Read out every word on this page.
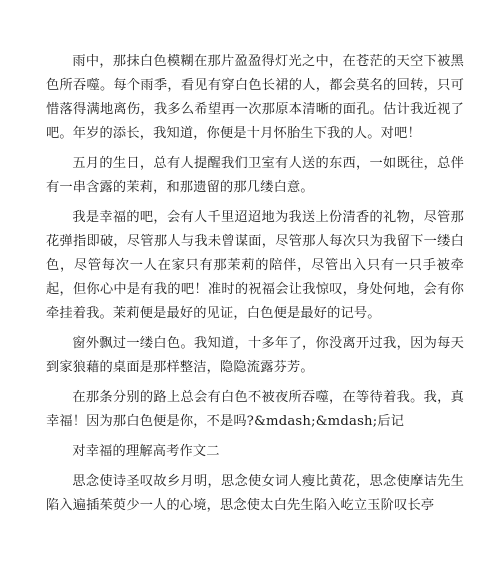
雨中，那抹白色模糊在那片盈盈得灯光之中，在苍茫的天空下被黑色所吞噬。每个雨季，看见有穿白色长裙的人，都会莫名的回转，只可惜落得满地离伤，我多么希望再一次那原本清晰的面孔。估计我近视了吧。年岁的添长，我知道，你便是十月怀胎生下我的人。对吧！

五月的生日，总有人提醒我们卫室有人送的东西，一如既往，总伴有一串含露的茉莉，和那遗留的那几缕白意。

我是幸福的吧，会有人千里迢迢地为我送上份清香的礼物，尽管那花弹指即破，尽管那人与我未曾谋面，尽管那人每次只为我留下一缕白色，尽管每次一人在家只有那茉莉的陪伴，尽管出入只有一只手被牵起，但你心中是有我的吧！准时的祝福会让我惊叹，身处何地，会有你牵挂着我。茉莉便是最好的见证，白色便是最好的记号。

窗外飘过一缕白色。我知道，十多年了，你没离开过我，因为每天到家狼藉的桌面是那样整洁，隐隐流露芬芳。

在那条分别的路上总会有白色不被夜所吞噬，在等待着我。我，真幸福！因为那白色便是你，不是吗?&mdash;&mdash;后记

对幸福的理解高考作文二

思念使诗圣叹故乡月明，思念使女词人瘦比黄花，思念使摩诘先生陷入遍插茱萸少一人的心境，思念使太白先生陷入屹立玉阶叹长亭
